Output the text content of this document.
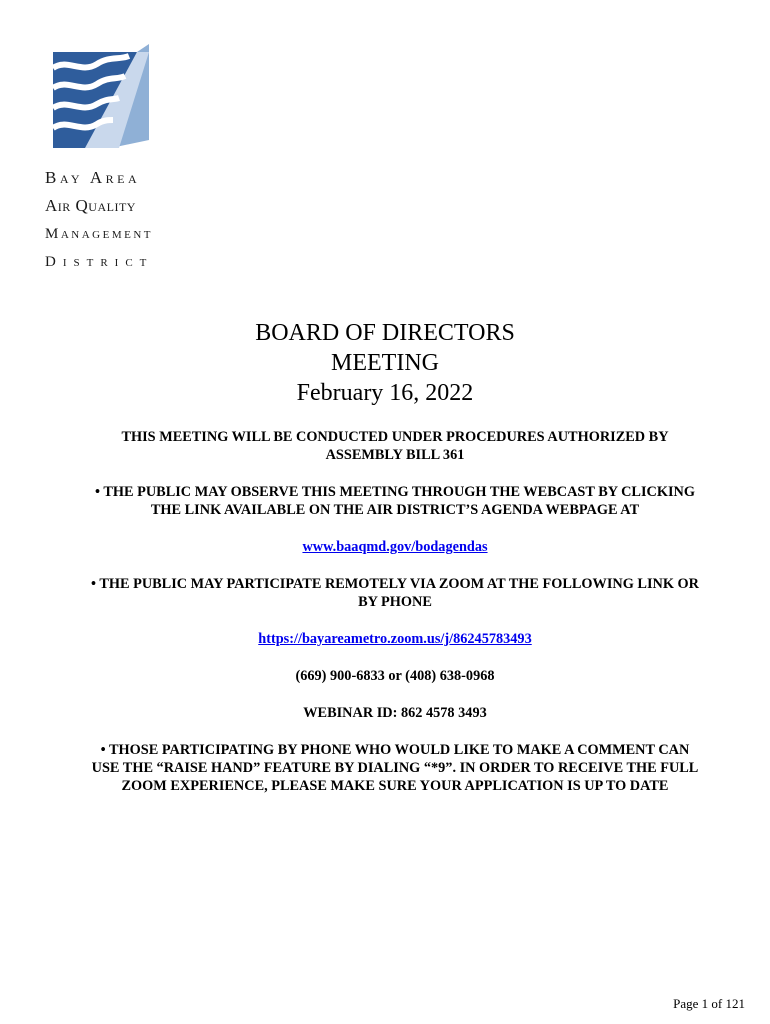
Bay Area
Air Quality
Management
District
BOARD OF DIRECTORS
MEETING
February 16, 2022

THIS MEETING WILL BE CONDUCTED UNDER PROCEDURES AUTHORIZED BY ASSEMBLY BILL 361

• THE PUBLIC MAY OBSERVE THIS MEETING THROUGH THE WEBCAST BY CLICKING THE LINK AVAILABLE ON THE AIR DISTRICT’S AGENDA WEBPAGE AT

www.baaqmd.gov/bodagendas

• THE PUBLIC MAY PARTICIPATE REMOTELY VIA ZOOM AT THE FOLLOWING LINK OR BY PHONE

https://bayareametro.zoom.us/j/86245783493

(669) 900-6833 or (408) 638-0968

WEBINAR ID: 862 4578 3493

• THOSE PARTICIPATING BY PHONE WHO WOULD LIKE TO MAKE A COMMENT CAN USE THE “RAISE HAND” FEATURE BY DIALING “*9”. IN ORDER TO RECEIVE THE FULL ZOOM EXPERIENCE, PLEASE MAKE SURE YOUR APPLICATION IS UP TO DATE

Page 1 of 121
